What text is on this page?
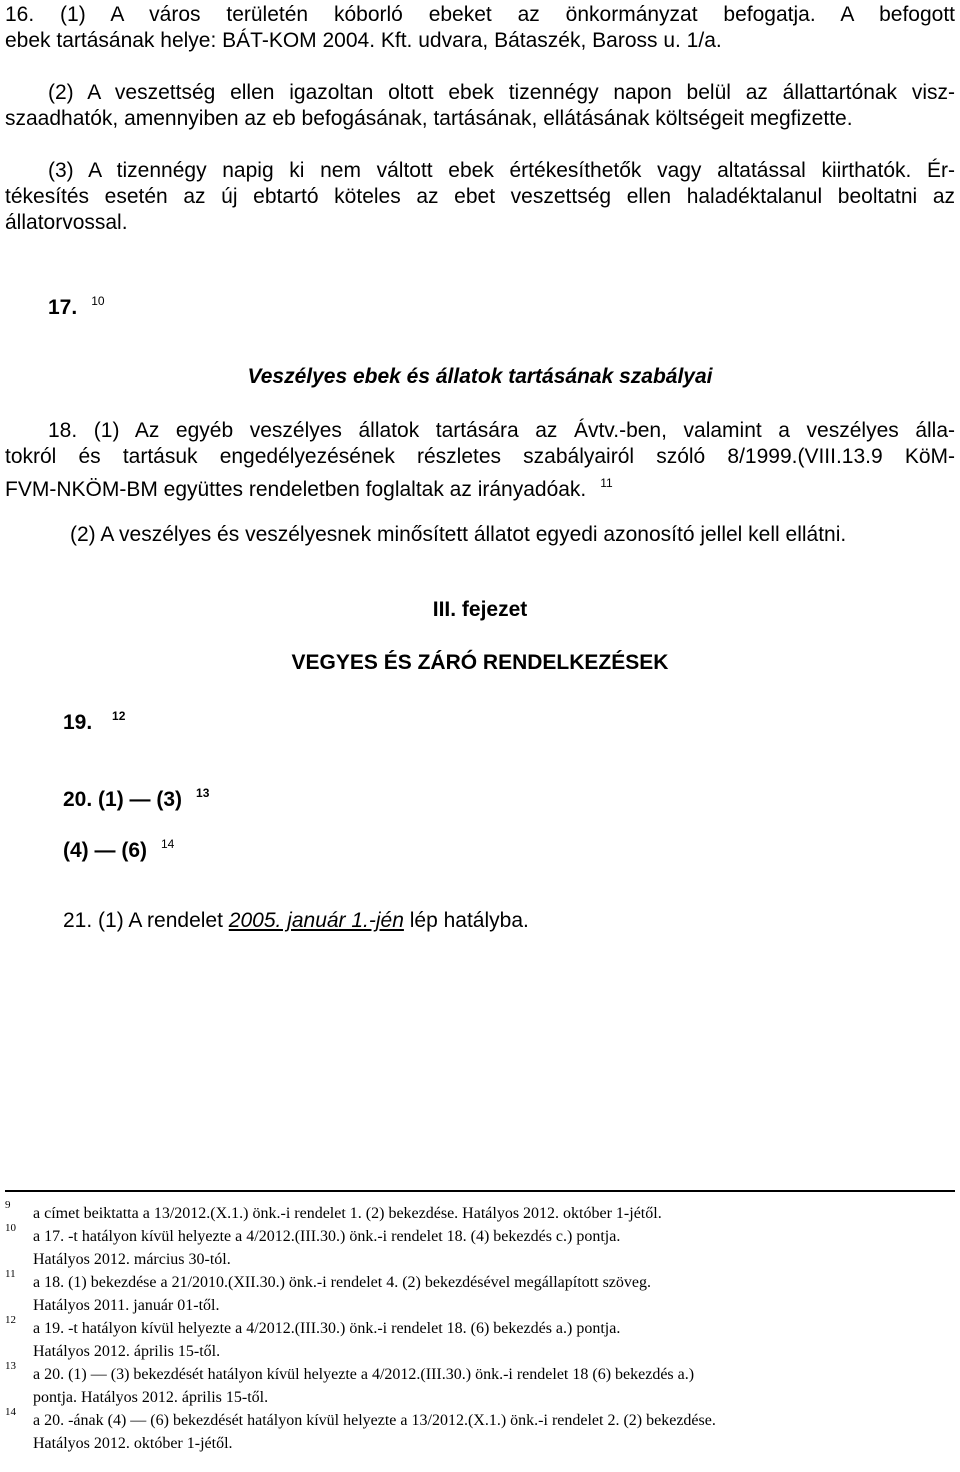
16. (1) A város területén kóborló ebeket az önkormányzat befogatja. A befogott
ebek tartásának helye: BÁT-KOM 2004. Kft. udvara, Bátaszék, Baross u. 1/a.
(2) A veszettség ellen igazoltan oltott ebek tizennégy napon belül az állattartónak visz-
szaadhatók, amennyiben az eb befogásának, tartásának, ellátásának költségeit megfizette.
(3) A tizennégy napig ki nem váltott ebek értékesíthetők vagy altatással kiirthatók. Ér-
tékesítés esetén az új ebtartó köteles az ebet veszettség ellen haladéktalanul beoltatni az
állatorvossal.
17. $^{10}$
Veszélyes ebek és állatok tartásának szabályai
18. (1) Az egyéb veszélyes állatok tartására az Ávtv.-ben, valamint a veszélyes álla-
tokról és tartásuk engedélyezésének részletes szabályairól szóló 8/1999.(VIII.13.9 KöM-
FVM-NKÖM-BM együttes rendeletben foglaltak az irányadóak. $^{11}$
(2) A veszélyes és veszélyesnek minősített állatot egyedi azonosító jellel kell ellátni.
III. fejezet
VEGYES ÉS ZÁRÓ RENDELKEZÉSEK
19. $^{12}$
20. (1) — (3) $^{13}$
(4) — (6) $^{14}$
21. (1) A rendelet 2005. január 1.-jén lép hatályba.
9 a címet beiktatta a 13/2012.(X.1.) önk.-i rendelet 1. (2) bekezdése. Hatályos 2012. október 1-jétől.
10 a 17. -t hatályon kívül helyezte a 4/2012.(III.30.) önk.-i rendelet 18. (4) bekezdés c.) pontja.
Hatályos 2012. március 30-tól.
11 a 18. (1) bekezdése a 21/2010.(XII.30.) önk.-i rendelet 4. (2) bekezdésével megállapított szöveg.
Hatályos 2011. január 01-től.
12 a 19. -t hatályon kívül helyezte a 4/2012.(III.30.) önk.-i rendelet 18. (6) bekezdés a.) pontja.
Hatályos 2012. április 15-től.
13 a 20. (1) — (3) bekezdését hatályon kívül helyezte a 4/2012.(III.30.) önk.-i rendelet 18 (6) bekezdés a.)
pontja. Hatályos 2012. április 15-től.
14 a 20. -ának (4) — (6) bekezdését hatályon kívül helyezte a 13/2012.(X.1.) önk.-i rendelet 2. (2) bekezdése.
Hatályos 2012. október 1-jétől.
